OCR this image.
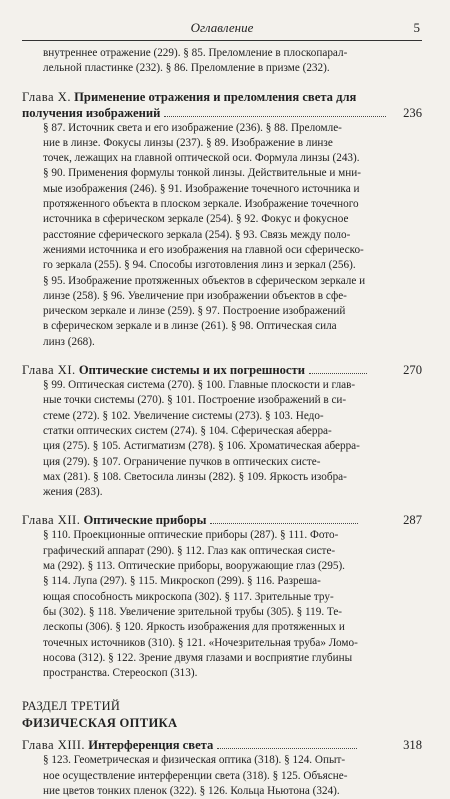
Оглавление	5
внутреннее отражение (229). § 85. Преломление в плоскопарал-
лельной пластинке (232). § 86. Преломление в призме (232).
Глава X. Применение отражения и преломления света для
получения изображений	236
§ 87. Источник света и его изображение (236). § 88. Преломле-
ние в линзе. Фокусы линзы (237). § 89. Изображение в линзе
точек, лежащих на главной оптической оси. Формула линзы (243).
§ 90. Применения формулы тонкой линзы. Действительные и мни-
мые изображения (246). § 91. Изображение точечного источника и
протяженного объекта в плоском зеркале. Изображение точечного
источника в сферическом зеркале (254). § 92. Фокус и фокусное
расстояние сферического зеркала (254). § 93. Связь между поло-
жениями источника и его изображения на главной оси сферическо-
го зеркала (255). § 94. Способы изготовления линз и зеркал (256).
§ 95. Изображение протяженных объектов в сферическом зеркале и
линзе (258). § 96. Увеличение при изображении объектов в сфе-
рическом зеркале и линзе (259). § 97. Построение изображений
в сферическом зеркале и в линзе (261). § 98. Оптическая сила
линз (268).
Глава XI. Оптические системы и их погрешности	270
§ 99. Оптическая система (270). § 100. Главные плоскости и глав-
ные точки системы (270). § 101. Построение изображений в си-
стеме (272). § 102. Увеличение системы (273). § 103. Недо-
статки оптических систем (274). § 104. Сферическая аберра-
ция (275). § 105. Астигматизм (278). § 106. Хроматическая аберра-
ция (279). § 107. Ограничение пучков в оптических систе-
мах (281). § 108. Светосила линзы (282). § 109. Яркость изобра-
жения (283).
Глава XII. Оптические приборы	287
§ 110. Проекционные оптические приборы (287). § 111. Фото-
графический аппарат (290). § 112. Глаз как оптическая систе-
ма (292). § 113. Оптические приборы, вооружающие глаз (295).
§ 114. Лупа (297). § 115. Микроскоп (299). § 116. Разреша-
ющая способность микроскопа (302). § 117. Зрительные тру-
бы (302). § 118. Увеличение зрительной трубы (305). § 119. Те-
лескопы (306). § 120. Яркость изображения для протяженных и
точечных источников (310). § 121. «Ночезрительная труба» Ломо-
носова (312). § 122. Зрение двумя глазами и восприятие глубины
пространства. Стереоскоп (313).
РАЗДЕЛ ТРЕТИЙ
ФИЗИЧЕСКАЯ ОПТИКА
Глава XIII. Интерференция света	318
§ 123. Геометрическая и физическая оптика (318). § 124. Опыт-
ное осуществление интерференции света (318). § 125. Объясне-
ние цветов тонких пленок (322). § 126. Кольца Ньютона (324).
